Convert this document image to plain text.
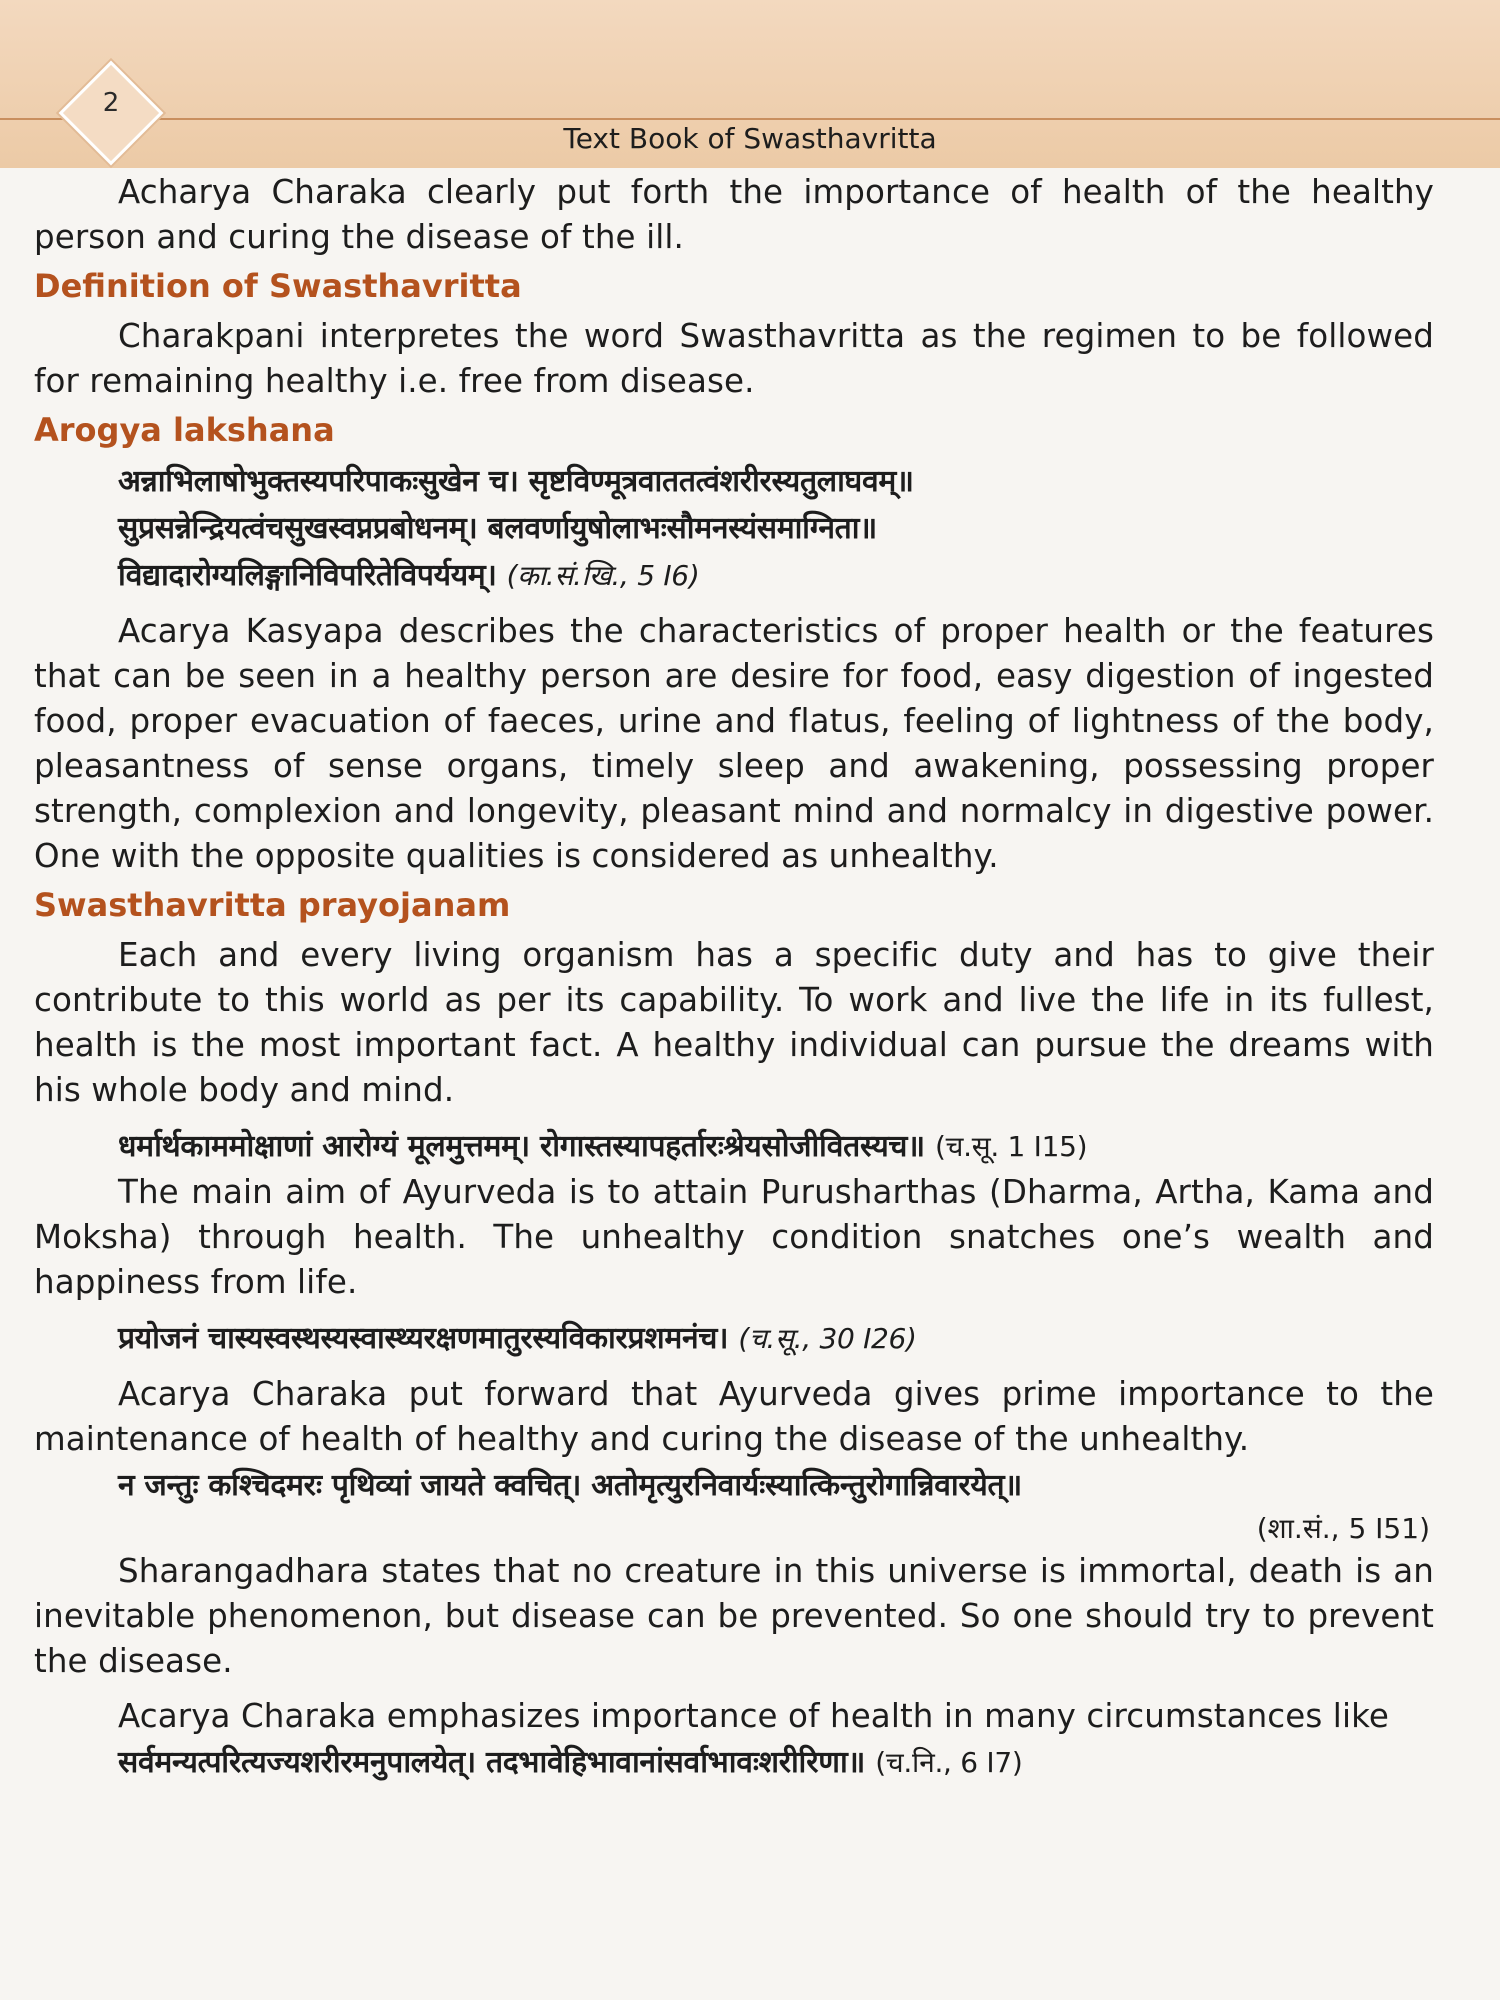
2
Text Book of Swasthavritta

Acharya Charaka clearly put forth the importance of health of the healthy person and curing the disease of the ill.

Definition of Swasthavritta

Charakpani interpretes the word Swasthavritta as the regimen to be followed for remaining healthy i.e. free from disease.

Arogya lakshana
अन्नाभिलाषोभुक्तस्यपरिपाकःसुखेन च। सृष्टविण्मूत्रवाततत्वंशरीरस्यतुलाघवम्॥
सुप्रसन्नेन्द्रियत्वंचसुखस्वप्नप्रबोधनम्। बलवर्णायुषोलाभःसौमनस्यंसमाग्निता॥
विद्यादारोग्यलिङ्गानिविपरितेविपर्ययम्। (का.सं.खि., 5 I6)

Acarya Kasyapa describes the characteristics of proper health or the features that can be seen in a healthy person are desire for food, easy digestion of ingested food, proper evacuation of faeces, urine and flatus, feeling of lightness of the body, pleasantness of sense organs, timely sleep and awakening, possessing proper strength, complexion and longevity, pleasant mind and normalcy in digestive power. One with the opposite qualities is considered as unhealthy.

Swasthavritta prayojanam

Each and every living organism has a specific duty and has to give their contribute to this world as per its capability. To work and live the life in its fullest, health is the most important fact. A healthy individual can pursue the dreams with his whole body and mind.

धर्मार्थकाममोक्षाणां आरोग्यं मूलमुत्तमम्। रोगास्तस्यापहर्तारःश्रेयसोजीवितस्यच॥ (च.सू. 1 I15)

The main aim of Ayurveda is to attain Purusharthas (Dharma, Artha, Kama and Moksha) through health. The unhealthy condition snatches one’s wealth and happiness from life.

प्रयोजनं चास्यस्वस्थस्यस्वास्थ्यरक्षणमातुरस्यविकारप्रशमनंच। (च.सू., 30 I26)

Acarya Charaka put forward that Ayurveda gives prime importance to the maintenance of health of healthy and curing the disease of the unhealthy.

न जन्तुः कश्चिदमरः पृथिव्यां जायते क्वचित्। अतोमृत्युरनिवार्यःस्यात्किन्तुरोगान्निवारयेत्॥
(शा.सं., 5 I51)

Sharangadhara states that no creature in this universe is immortal, death is an inevitable phenomenon, but disease can be prevented. So one should try to prevent the disease.

Acarya Charaka emphasizes importance of health in many circumstances like

सर्वमन्यत्परित्यज्यशरीरमनुपालयेत्। तदभावेहिभावानांसर्वाभावःशरीरिणा॥ (च.नि., 6 I7)
